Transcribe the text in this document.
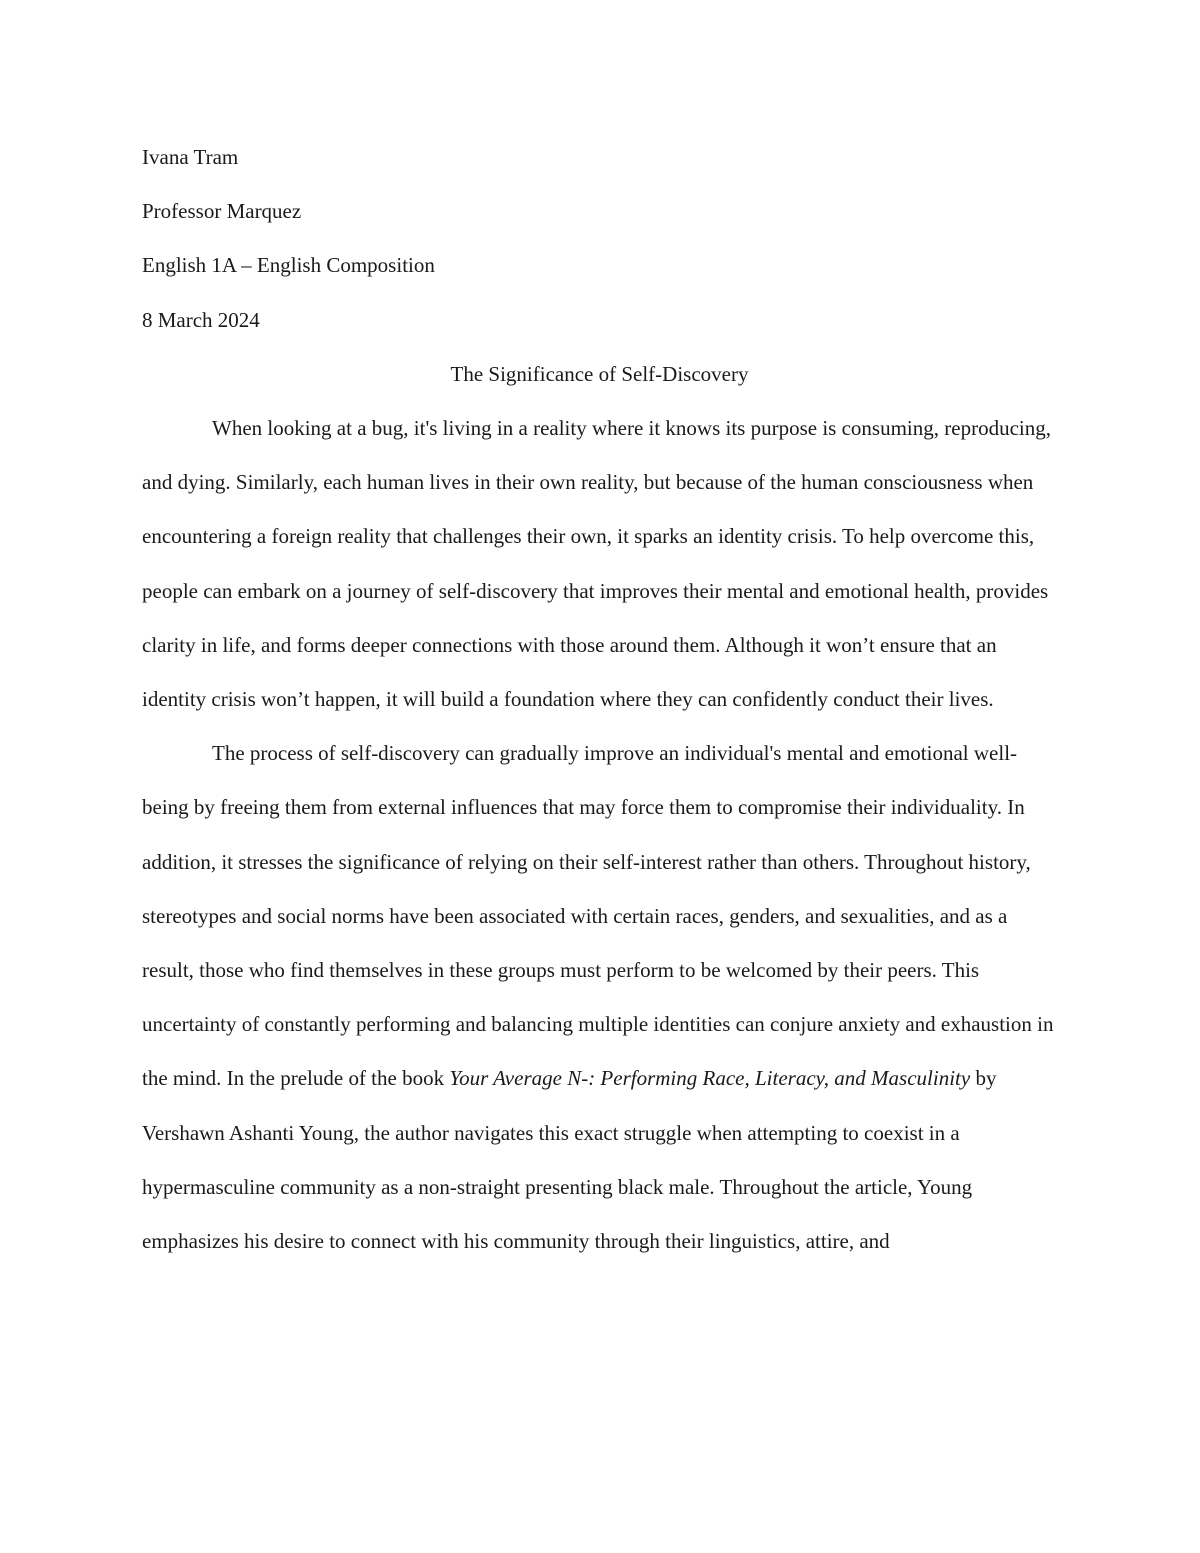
Ivana Tram
Professor Marquez
English 1A – English Composition
8 March 2024
The Significance of Self-Discovery

When looking at a bug, it's living in a reality where it knows its purpose is consuming, reproducing, and dying. Similarly, each human lives in their own reality, but because of the human consciousness when encountering a foreign reality that challenges their own, it sparks an identity crisis. To help overcome this, people can embark on a journey of self-discovery that improves their mental and emotional health, provides clarity in life, and forms deeper connections with those around them. Although it won’t ensure that an identity crisis won’t happen, it will build a foundation where they can confidently conduct their lives.

The process of self-discovery can gradually improve an individual's mental and emotional well-being by freeing them from external influences that may force them to compromise their individuality. In addition, it stresses the significance of relying on their self-interest rather than others. Throughout history, stereotypes and social norms have been associated with certain races, genders, and sexualities, and as a result, those who find themselves in these groups must perform to be welcomed by their peers. This uncertainty of constantly performing and balancing multiple identities can conjure anxiety and exhaustion in the mind. In the prelude of the book Your Average N-: Performing Race, Literacy, and Masculinity by Vershawn Ashanti Young, the author navigates this exact struggle when attempting to coexist in a hypermasculine community as a non-straight presenting black male. Throughout the article, Young emphasizes his desire to connect with his community through their linguistics, attire, and
